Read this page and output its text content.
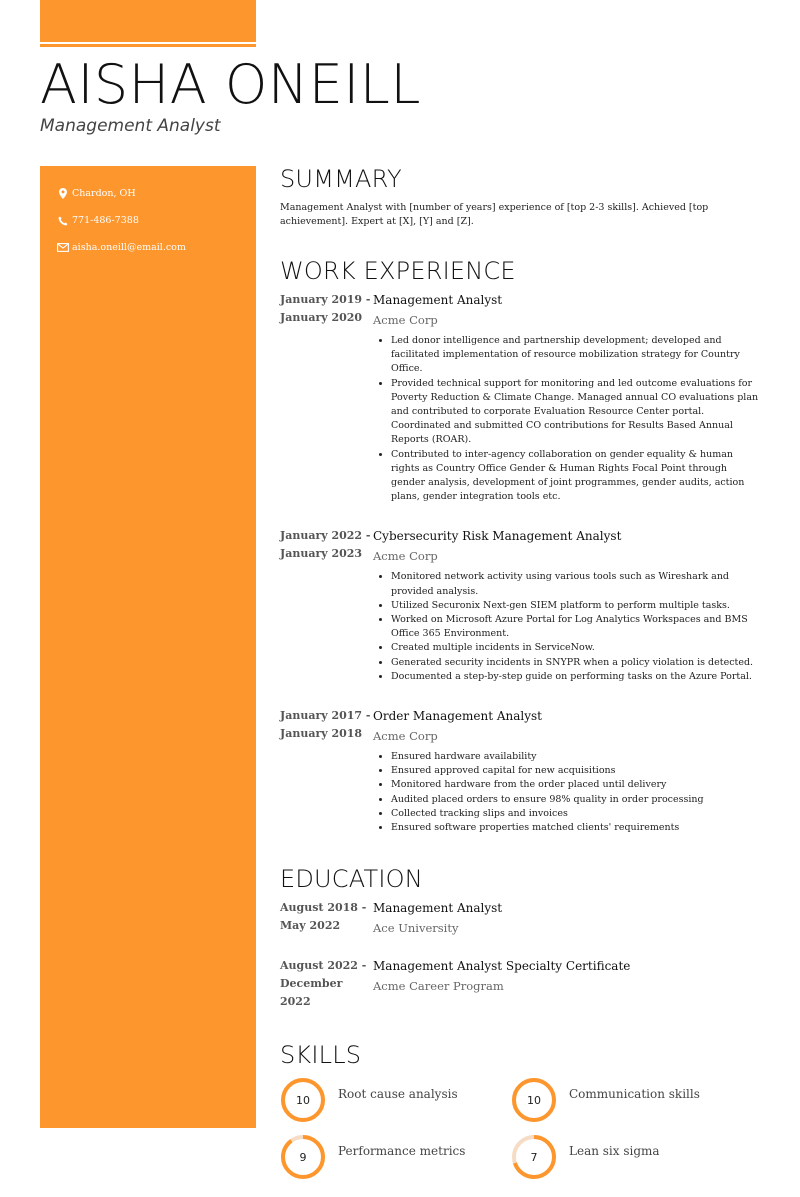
AISHA ONEILL
Management Analyst
Chardon, OH
771-486-7388
aisha.oneill@email.com
SUMMARY

Management Analyst with [number of years] experience of [top 2-3 skills]. Achieved [top achievement]. Expert at [X], [Y] and [Z].

WORK EXPERIENCE
January 2019 - January 2020
Management Analyst
Acme Corp
• Led donor intelligence and partnership development; developed and facilitated implementation of resource mobilization strategy for Country Office.
• Provided technical support for monitoring and led outcome evaluations for Poverty Reduction & Climate Change. Managed annual CO evaluations plan and contributed to corporate Evaluation Resource Center portal. Coordinated and submitted CO contributions for Results Based Annual Reports (ROAR).
• Contributed to inter-agency collaboration on gender equality & human rights as Country Office Gender & Human Rights Focal Point through gender analysis, development of joint programmes, gender audits, action plans, gender integration tools etc.
January 2022 - January 2023
Cybersecurity Risk Management Analyst
Acme Corp
• Monitored network activity using various tools such as Wireshark and provided analysis.
• Utilized Securonix Next-gen SIEM platform to perform multiple tasks.
• Worked on Microsoft Azure Portal for Log Analytics Workspaces and BMS Office 365 Environment.
• Created multiple incidents in ServiceNow.
• Generated security incidents in SNYPR when a policy violation is detected.
• Documented a step-by-step guide on performing tasks on the Azure Portal.
January 2017 - January 2018
Order Management Analyst
Acme Corp
• Ensured hardware availability
• Ensured approved capital for new acquisitions
• Monitored hardware from the order placed until delivery
• Audited placed orders to ensure 98% quality in order processing
• Collected tracking slips and invoices
• Ensured software properties matched clients' requirements
EDUCATION
August 2018 - May 2022
Management Analyst
Ace University
August 2022 - December 2022
Management Analyst Specialty Certificate
Acme Career Program
SKILLS
10	Root cause analysis	10	Communication skills
9	Performance metrics	7	Lean six sigma
